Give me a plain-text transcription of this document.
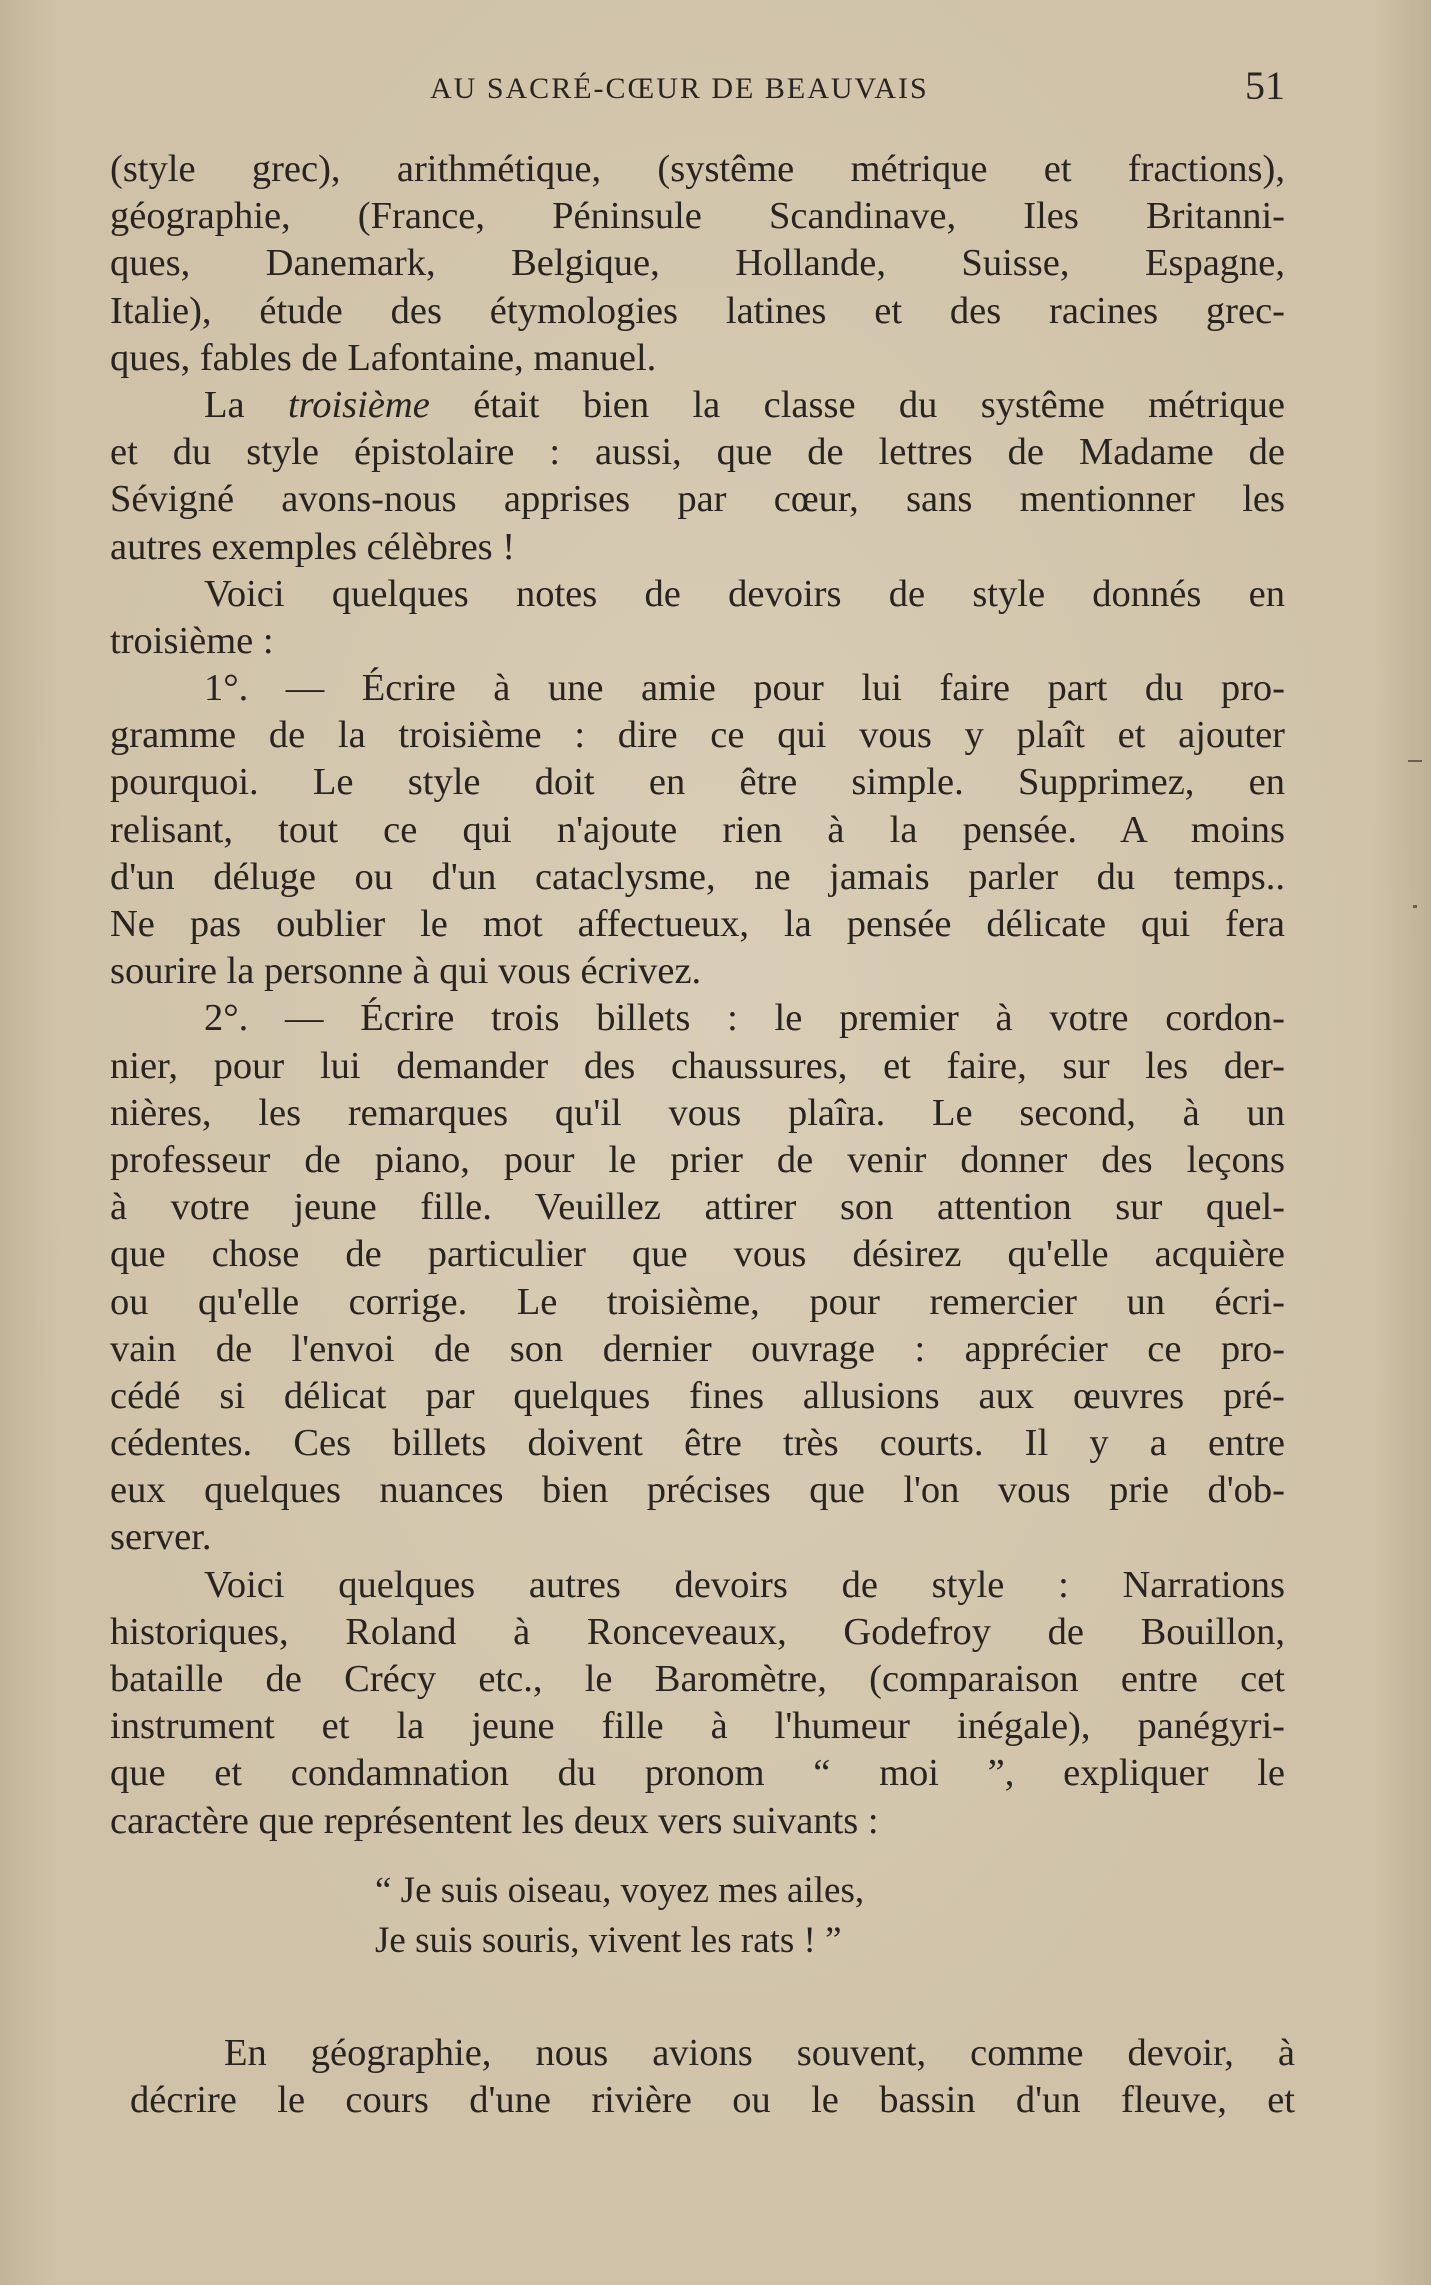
AU SACRÉ-CŒUR DE BEAUVAIS	51
(style grec), arithmétique, (systême métrique et fractions),
géographie, (France, Péninsule Scandinave, Iles Britanni-
ques, Danemark, Belgique, Hollande, Suisse, Espagne,
Italie), étude des étymologies latines et des racines grec-
ques, fables de Lafontaine, manuel.
La troisième était bien la classe du systême métrique
et du style épistolaire : aussi, que de lettres de Madame de
Sévigné avons-nous apprises par cœur, sans mentionner les
autres exemples célèbres !
Voici quelques notes de devoirs de style donnés en
troisième :
1°. — Écrire à une amie pour lui faire part du pro-
gramme de la troisième : dire ce qui vous y plaît et ajouter
pourquoi. Le style doit en être simple. Supprimez, en
relisant, tout ce qui n'ajoute rien à la pensée. A moins
d'un déluge ou d'un cataclysme, ne jamais parler du temps..
Ne pas oublier le mot affectueux, la pensée délicate qui fera
sourire la personne à qui vous écrivez.
2°. — Écrire trois billets : le premier à votre cordon-
nier, pour lui demander des chaussures, et faire, sur les der-
nières, les remarques qu'il vous plaîra. Le second, à un
professeur de piano, pour le prier de venir donner des leçons
à votre jeune fille. Veuillez attirer son attention sur quel-
que chose de particulier que vous désirez qu'elle acquière
ou qu'elle corrige. Le troisième, pour remercier un écri-
vain de l'envoi de son dernier ouvrage : apprécier ce pro-
cédé si délicat par quelques fines allusions aux œuvres pré-
cédentes. Ces billets doivent être très courts. Il y a entre
eux quelques nuances bien précises que l'on vous prie d'ob-
server.
Voici quelques autres devoirs de style : Narrations
historiques, Roland à Ronceveaux, Godefroy de Bouillon,
bataille de Crécy etc., le Baromètre, (comparaison entre cet
instrument et la jeune fille à l'humeur inégale), panégyri-
que et condamnation du pronom “ moi ”, expliquer le
caractère que représentent les deux vers suivants :
“ Je suis oiseau, voyez mes ailes,
Je suis souris, vivent les rats ! ”
En géographie, nous avions souvent, comme devoir, à
décrire le cours d'une rivière ou le bassin d'un fleuve, et
